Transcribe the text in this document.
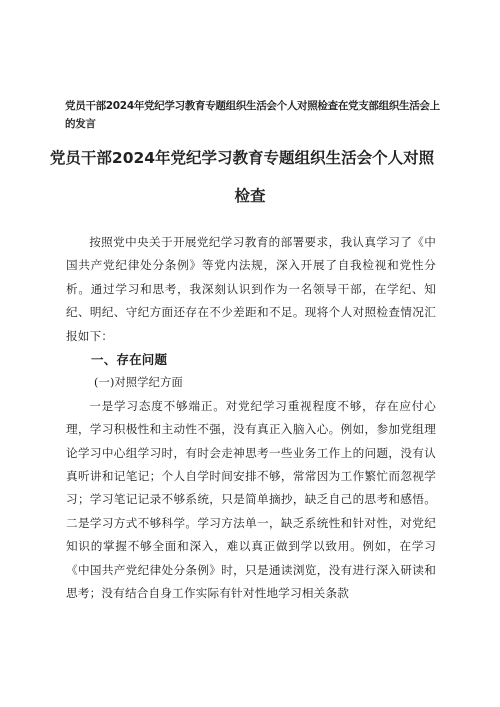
党员干部2024年党纪学习教育专题组织生活会个人对照检查在党支部组织生活会上的发言
党员干部2024年党纪学习教育专题组织生活会个人对照
检查

按照党中央关于开展党纪学习教育的部署要求，我认真学习了《中国共产党纪律处分条例》等党内法规，深入开展了自我检视和党性分析。通过学习和思考，我深刻认识到作为一名领导干部，在学纪、知纪、明纪、守纪方面还存在不少差距和不足。现将个人对照检查情况汇报如下：

一、存在问题

(一)对照学纪方面

一是学习态度不够端正。对党纪学习重视程度不够，存在应付心理，学习积极性和主动性不强，没有真正入脑入心。例如，参加党组理论学习中心组学习时，有时会走神思考一些业务工作上的问题，没有认真听讲和记笔记；个人自学时间安排不够，常常因为工作繁忙而忽视学习；学习笔记记录不够系统，只是简单摘抄，缺乏自己的思考和感悟。二是学习方式不够科学。学习方法单一，缺乏系统性和针对性，对党纪知识的掌握不够全面和深入，难以真正做到学以致用。例如，在学习《中国共产党纪律处分条例》时，只是通读浏览，没有进行深入研读和思考；没有结合自身工作实际有针对性地学习相关条款
